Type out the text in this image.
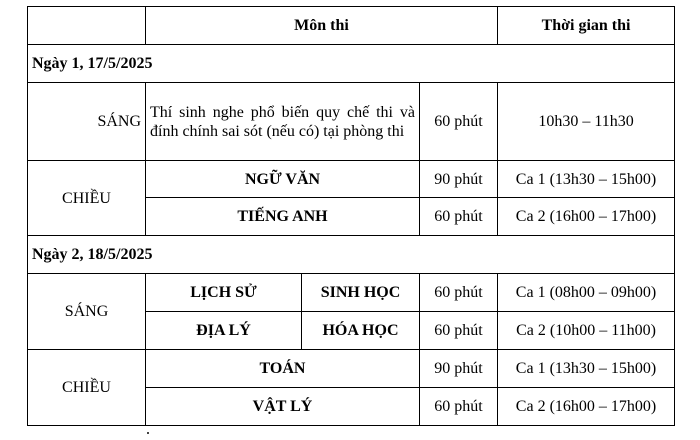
	Môn thi			Thời gian thi
Ngày 1, 17/5/2025				
SÁNG	Thí sinh nghe phổ biến quy chế thi và đính chính sai sót (nếu có) tại phòng thi		60 phút	10h30 – 11h30
CHIỀU	NGỮ VĂN		90 phút	Ca 1 (13h30 – 15h00)
	TIẾNG ANH		60 phút	Ca 2 (16h00 – 17h00)
Ngày 2, 18/5/2025				
SÁNG	LỊCH SỬ	SINH HỌC	60 phút	Ca 1 (08h00 – 09h00)
	ĐỊA LÝ	HÓA HỌC	60 phút	Ca 2 (10h00 – 11h00)
CHIỀU	TOÁN		90 phút	Ca 1 (13h30 – 15h00)
	VẬT LÝ		60 phút	Ca 2 (16h00 – 17h00)
